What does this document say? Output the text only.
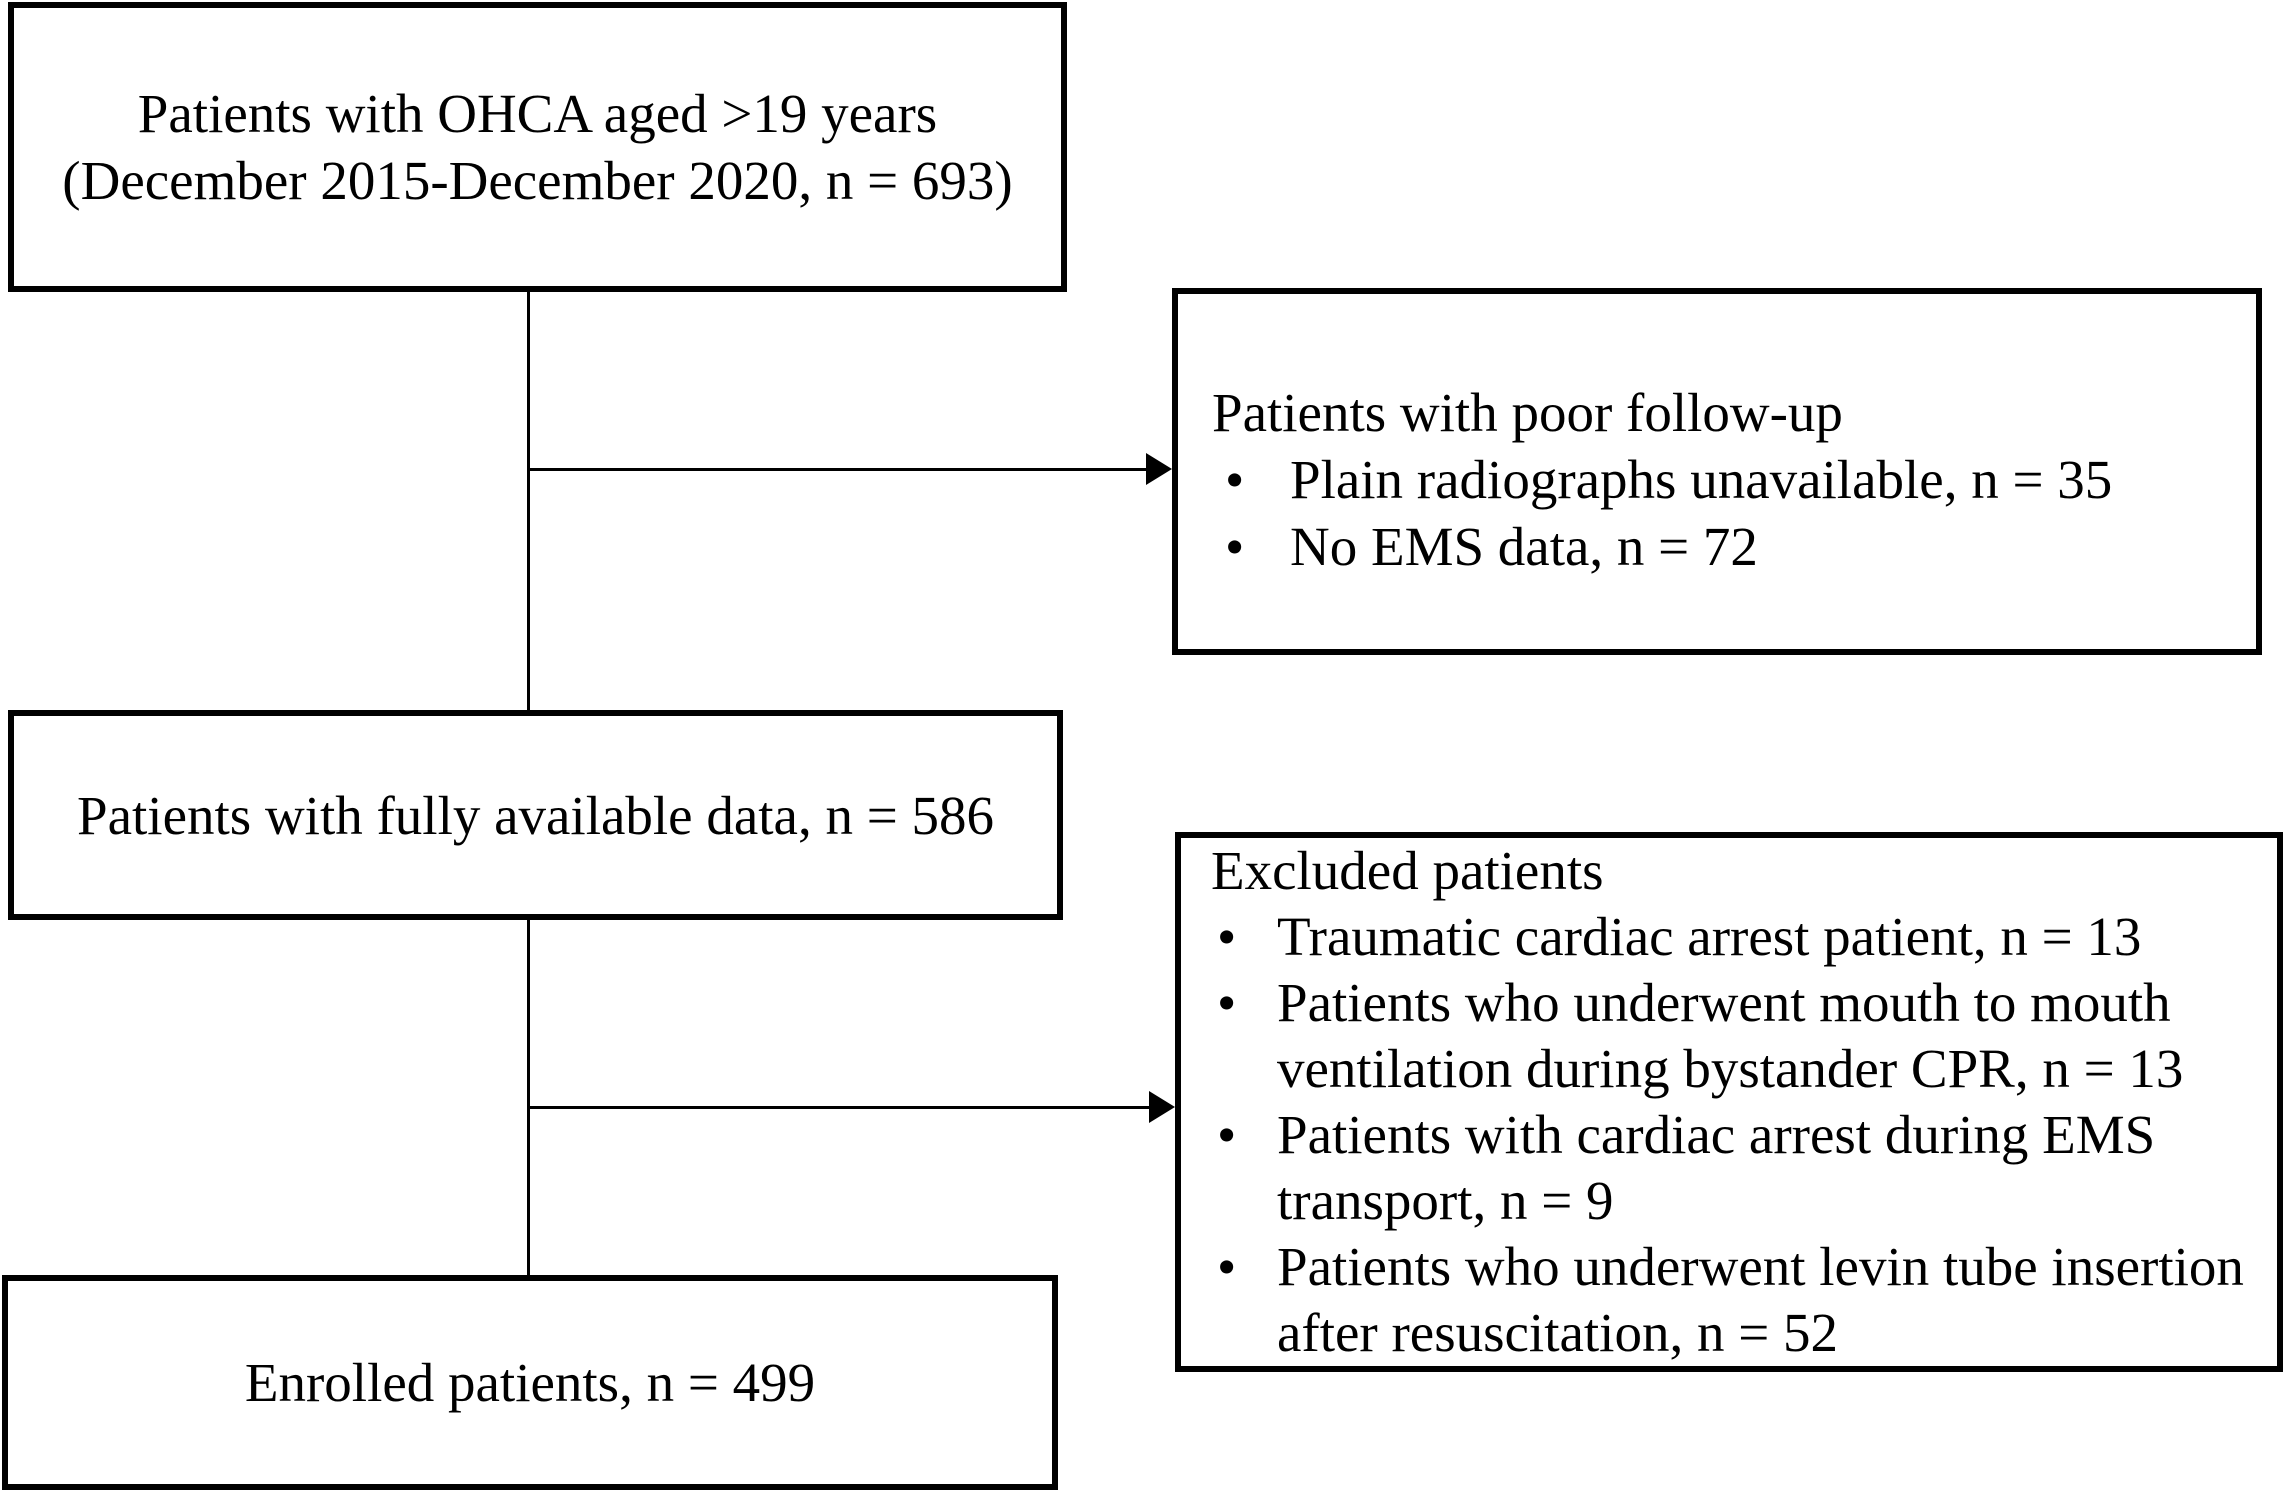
Patients with OHCA aged >19 years
(December 2015-December 2020, n = 693)
Patients with poor follow-up
• Plain radiographs unavailable, n = 35
• No EMS data, n = 72
Patients with fully available data, n = 586
Excluded patients
• Traumatic cardiac arrest patient, n = 13
• Patients who underwent mouth to mouth ventilation during bystander CPR, n = 13
• Patients with cardiac arrest during EMS transport, n = 9
• Patients who underwent levin tube insertion after resuscitation, n = 52
Enrolled patients, n = 499
